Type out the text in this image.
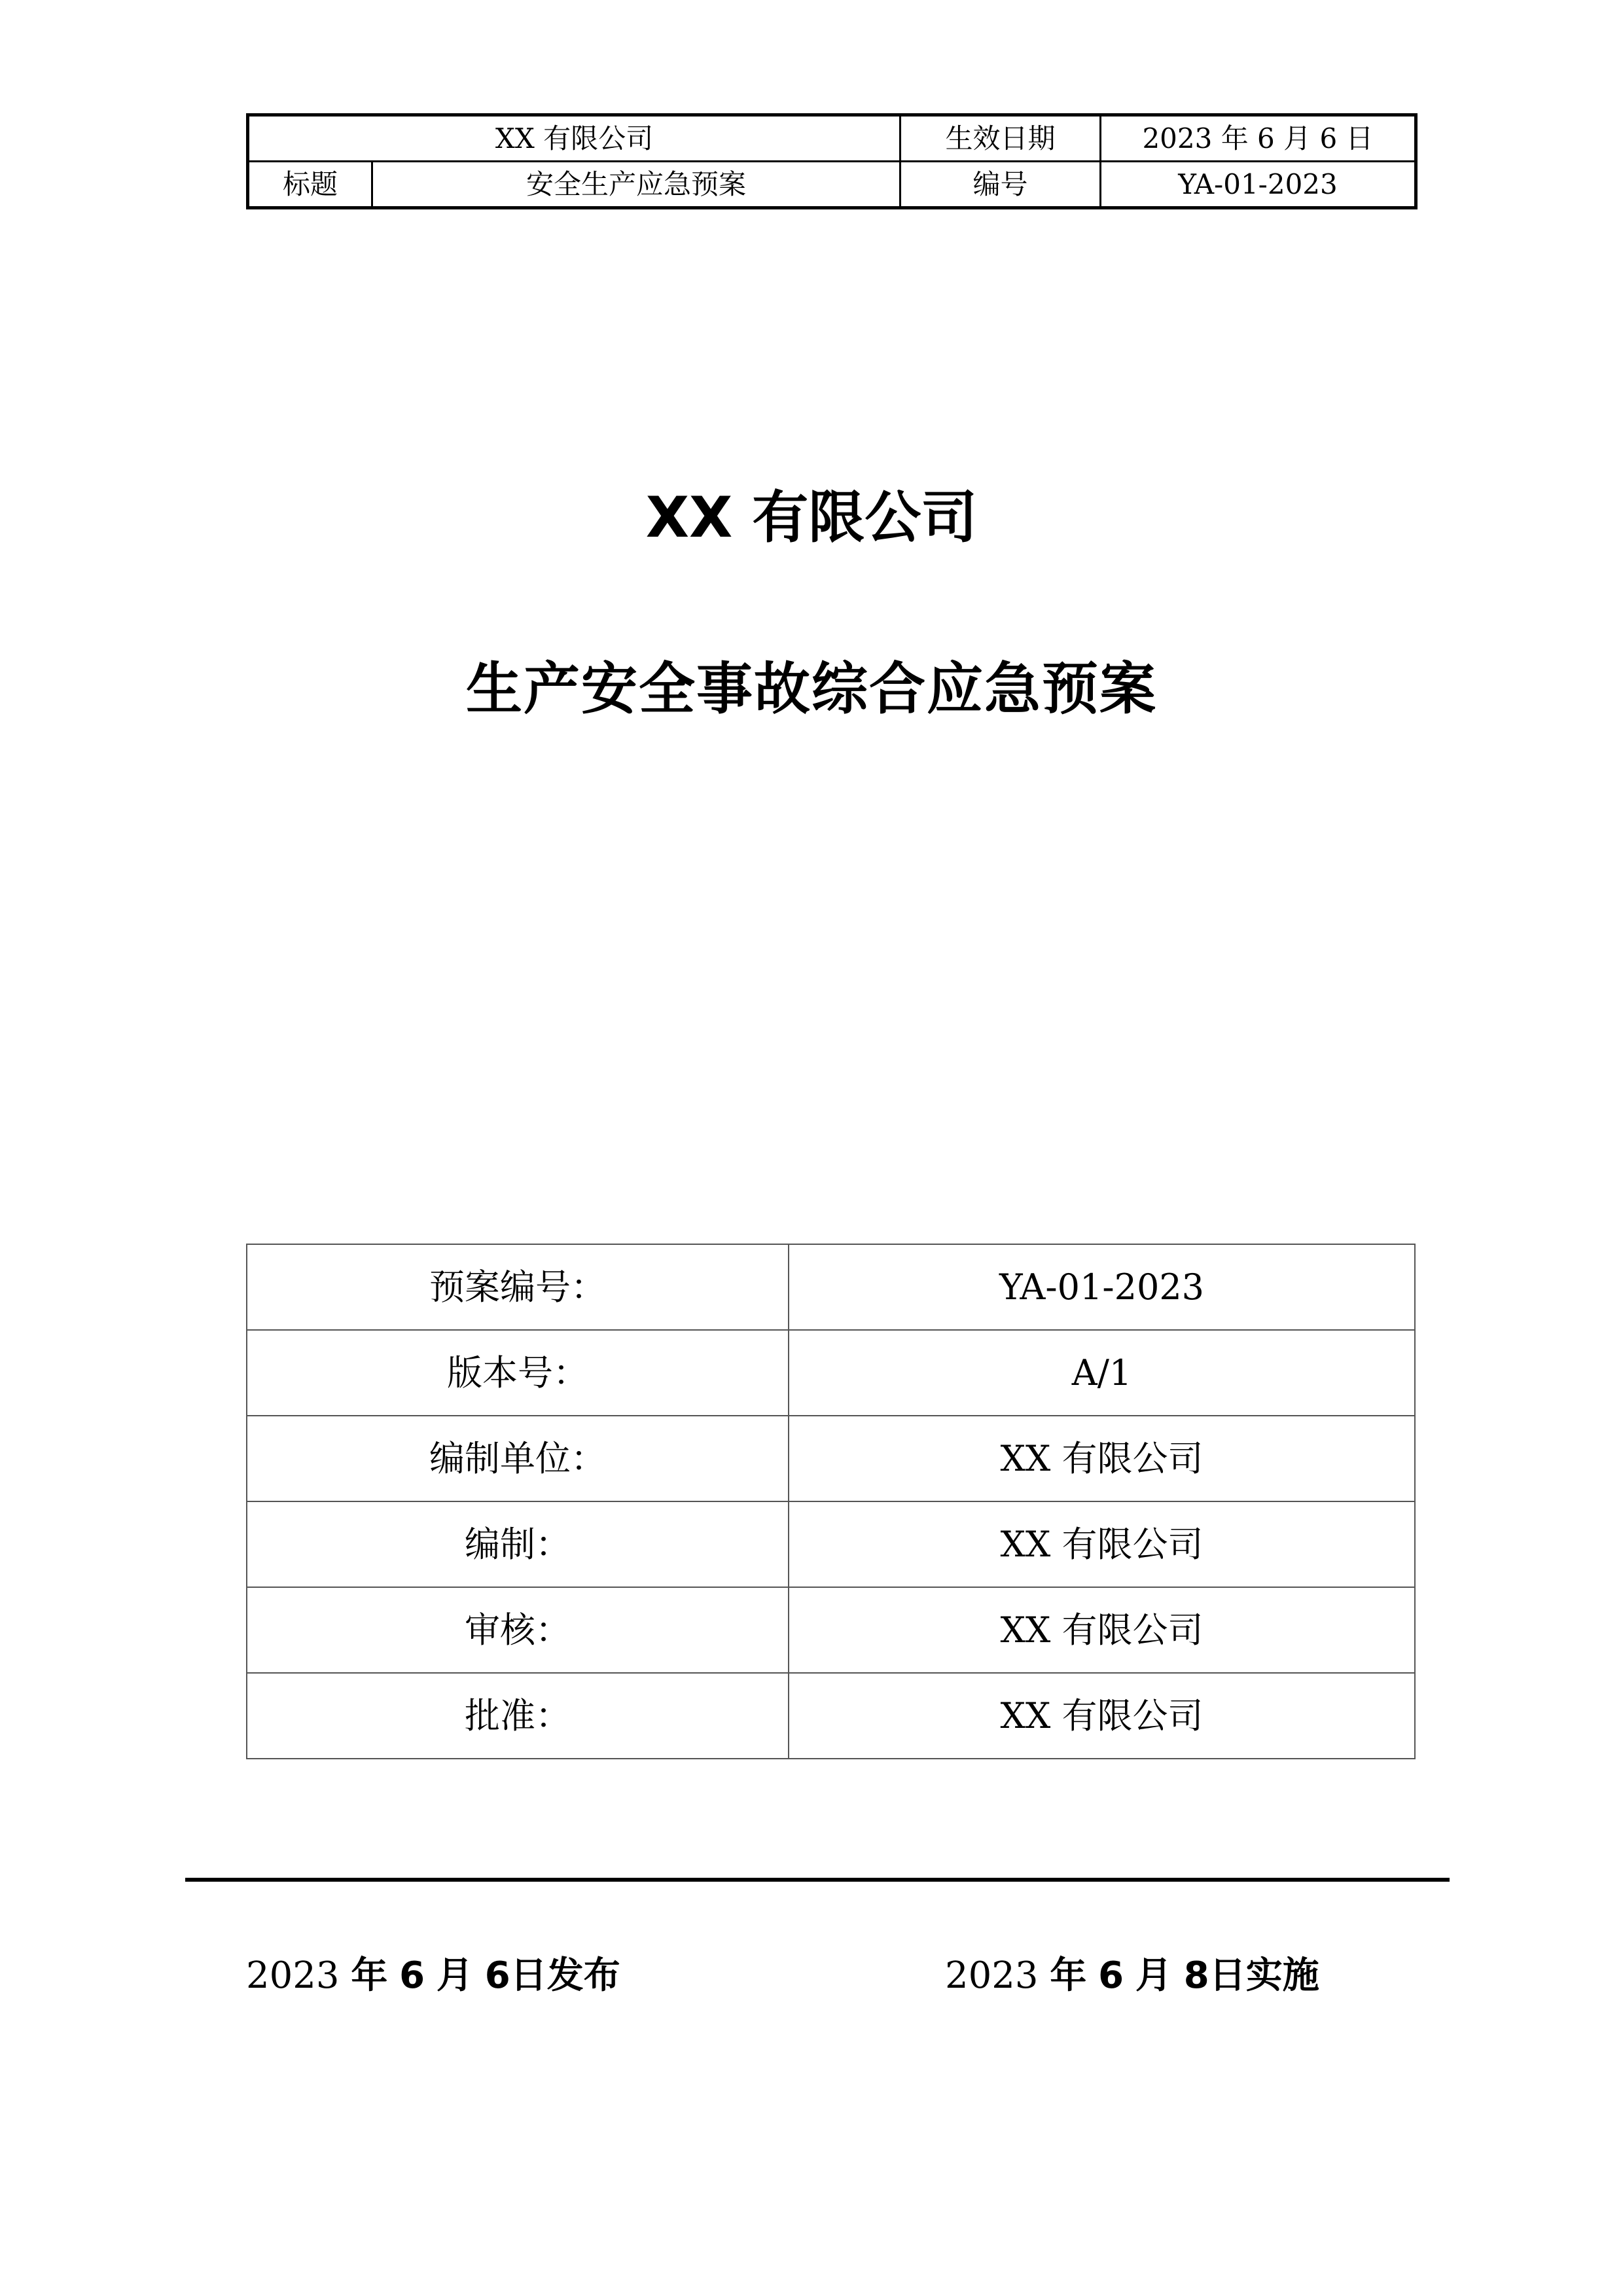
XX 有限公司		生效日期	2023 年 6 月 6 日
标题	安全生产应急预案	编号	YA-01-2023
XX 有限公司
生产安全事故综合应急预案
预案编号：	YA-01-2023
版本号：	A/1
编制单位：	XX 有限公司
编制：	XX 有限公司
审核：	XX 有限公司
批准：	XX 有限公司
2023 年 6 月 6日发布	2023 年 6 月 8日实施
